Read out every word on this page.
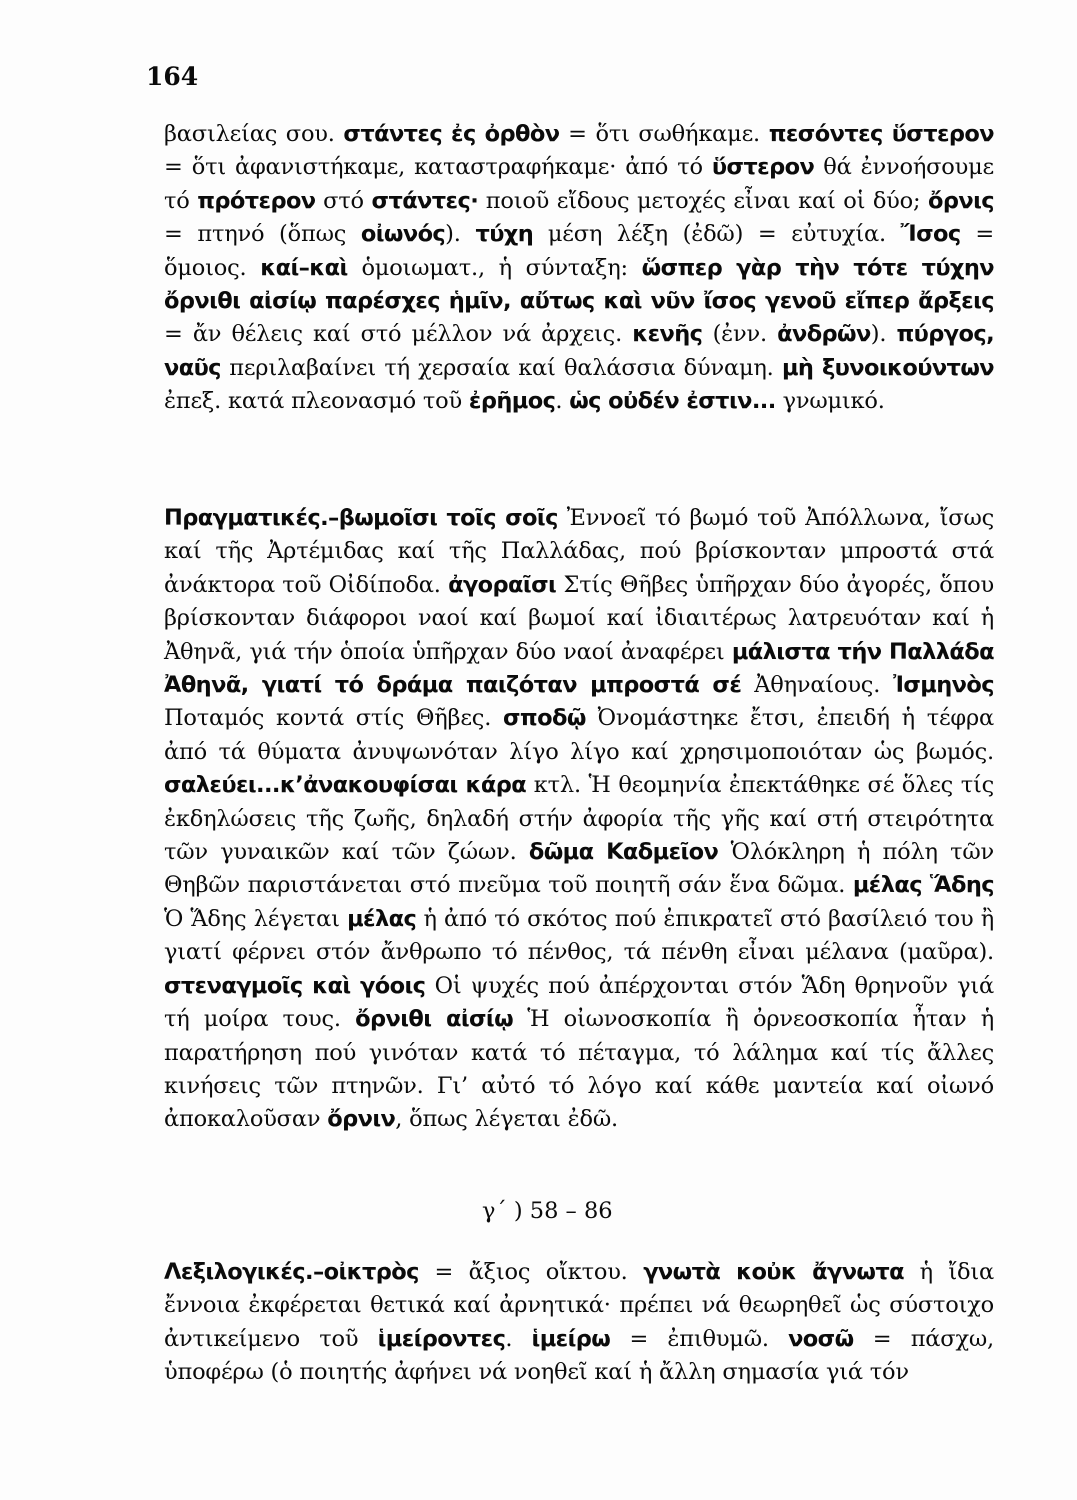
164
βασιλείας σου. στάντες ἐς ὀρθὸν = ὅτι σωθήκαμε. πεσόντες ὕστερον = ὅτι ἀφανιστήκαμε, καταστραφήκαμε· ἀπό τό ὕστερον θά ἐννοήσουμε τό πρότερον στό στάντες· ποιοῦ εἴδους μετοχές εἶναι καί οἱ δύο; ὄρνις = πτηνό (ὅπως οἰωνός). τύχη μέση λέξη (ἐδῶ) = εὐτυχία. Ἴσος = ὅμοιος. καί–καὶ ὁμοιωματ., ἡ σύνταξη: ὥσπερ γὰρ τὴν τότε τύχην ὄρνιθι αἰσίῳ παρέσχες ἡμῖν, αὔτως καὶ νῦν ἴσος γενοῦ εἴπερ ἄρξεις = ἄν θέλεις καί στό μέλλον νά ἀρχεις. κενῆς (ἐνν. ἀνδρῶν). πύργος, ναῦς περιλαβαίνει τή χερσαία καί θαλάσσια δύναμη. μὴ ξυνοικούντων ἐπεξ. κατά πλεονασμό τοῦ ἐρῆμος. ὡς οὐδέν ἐστιν... γνωμικό.
Πραγματικές.–βωμοῖσι τοῖς σοῖς Ἐννοεῖ τό βωμό τοῦ Ἀπόλλωνα, ἴσως καί τῆς Ἀρτέμιδας καί τῆς Παλλάδας, πού βρίσκονταν μπροστά στά ἀνάκτορα τοῦ Οἰδίποδα. ἀγοραῖσι Στίς Θῆβες ὑπῆρχαν δύο ἀγορές, ὅπου βρίσκονταν διάφοροι ναοί καί βωμοί καί ἰδιαιτέρως λατρευόταν καί ἡ Ἀθηνᾶ, γιά τήν ὁποία ὑπῆρχαν δύο ναοί ἀναφέρει μάλιστα τήν Παλλάδα Ἀθηνᾶ, γιατί τό δράμα παιζόταν μπροστά σέ Ἀθηναίους. Ἰσμηνὸς Ποταμός κοντά στίς Θῆβες. σποδῷ Ὀνομάστηκε ἔτσι, ἐπειδή ἡ τέφρα ἀπό τά θύματα ἀνυψωνόταν λίγο λίγο καί χρησιμοποιόταν ὡς βωμός. σαλεύει...κ’ἀνακουφίσαι κάρα κτλ. Ἡ θεομηνία ἐπεκτάθηκε σέ ὅλες τίς ἐκδηλώσεις τῆς ζωῆς, δηλαδή στήν ἀφορία τῆς γῆς καί στή στειρότητα τῶν γυναικῶν καί τῶν ζώων. δῶμα Καδμεῖον Ὁλόκληρη ἡ πόλη τῶν Θηβῶν παριστάνεται στό πνεῦμα τοῦ ποιητῆ σάν ἕνα δῶμα. μέλας Ἅδης Ὁ Ἅδης λέγεται μέλας ἡ ἀπό τό σκότος πού ἐπικρατεῖ στό βασίλειό του ἢ γιατί φέρνει στόν ἄνθρωπο τό πένθος, τά πένθη εἶναι μέλανα (μαῦρα). στεναγμοῖς καὶ γόοις Οἱ ψυχές πού ἀπέρχονται στόν Ἅδη θρηνοῦν γιά τή μοίρα τους. ὄρνιθι αἰσίῳ Ἡ οἰωνοσκοπία ἢ ὀρνεοσκοπία ἦταν ἡ παρατήρηση πού γινόταν κατά τό πέταγμα, τό λάλημα καί τίς ἄλλες κινήσεις τῶν πτηνῶν. Γι’ αὐτό τό λόγο καί κάθε μαντεία καί οἰωνό ἀποκαλοῦσαν ὄρνιν, ὅπως λέγεται ἐδῶ.
γ΄ ) 58 – 86
Λεξιλογικές.–οἰκτρὸς = ἄξιος οἴκτου. γνωτὰ κοὐκ ἄγνωτα ἡ ἴδια ἔννοια ἐκφέρεται θετικά καί ἀρνητικά· πρέπει νά θεωρηθεῖ ὡς σύστοιχο ἀντικείμενο τοῦ ἱμείροντες. ἱμείρω = ἐπιθυμῶ. νοσῶ = πάσχω, ὑποφέρω (ὁ ποιητής ἀφήνει νά νοηθεῖ καί ἡ ἄλλη σημασία γιά τόν
